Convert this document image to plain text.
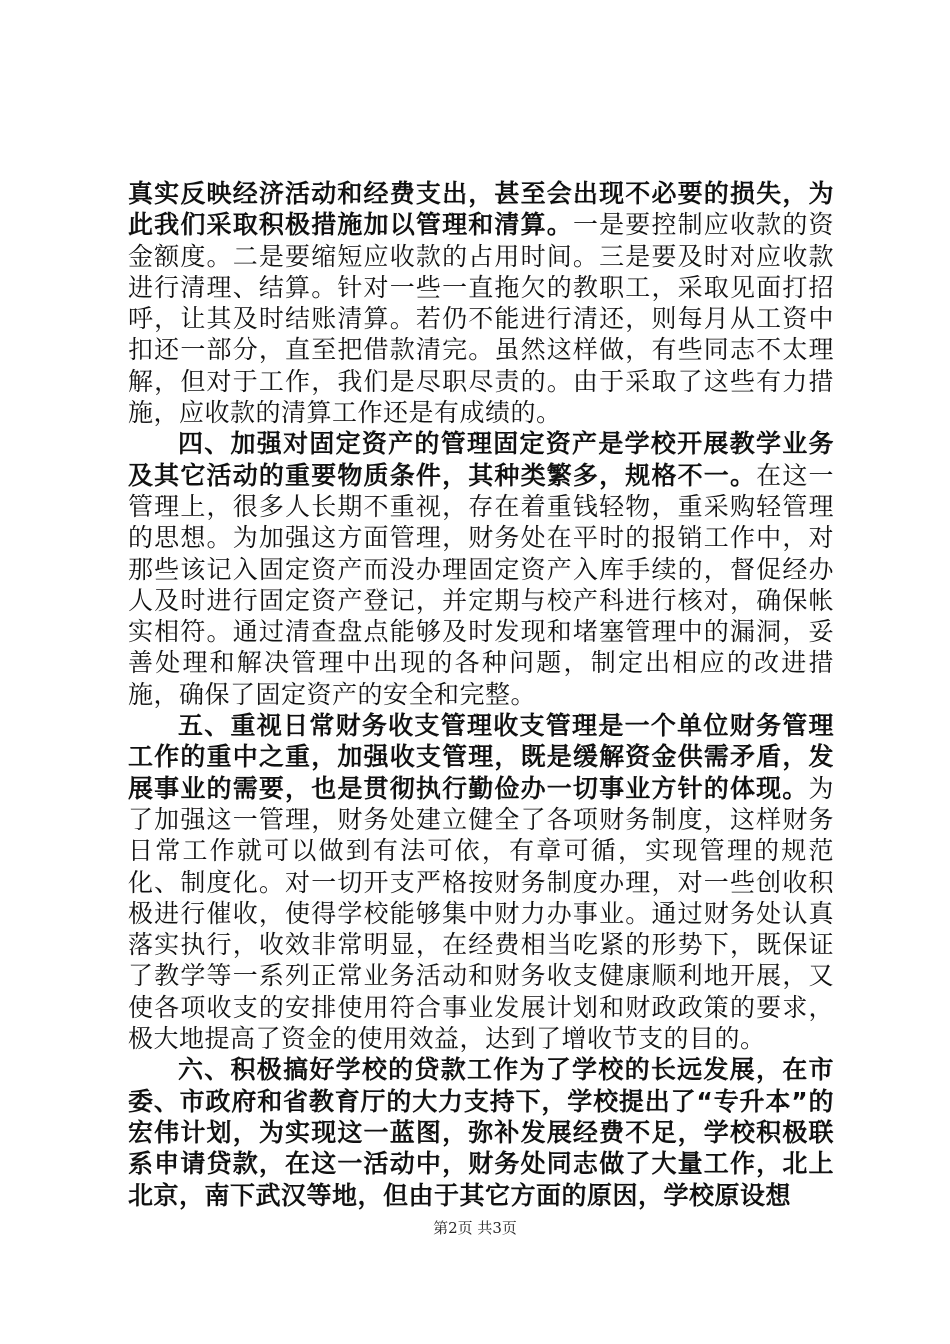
真实反映经济活动和经费支出，甚至会出现不必要的损失，为此我们采取积极措施加以管理和清算。一是要控制应收款的资金额度。二是要缩短应收款的占用时间。三是要及时对应收款进行清理、结算。针对一些一直拖欠的教职工，采取见面打招呼，让其及时结账清算。若仍不能进行清还，则每月从工资中扣还一部分，直至把借款清完。虽然这样做，有些同志不太理解，但对于工作，我们是尽职尽责的。由于采取了这些有力措施，应收款的清算工作还是有成绩的。

四、加强对固定资产的管理固定资产是学校开展教学业务及其它活动的重要物质条件，其种类繁多，规格不一。在这一管理上，很多人长期不重视，存在着重钱轻物，重采购轻管理的思想。为加强这方面管理，财务处在平时的报销工作中，对那些该记入固定资产而没办理固定资产入库手续的，督促经办人及时进行固定资产登记，并定期与校产科进行核对，确保帐实相符。通过清查盘点能够及时发现和堵塞管理中的漏洞，妥善处理和解决管理中出现的各种问题，制定出相应的改进措施，确保了固定资产的安全和完整。

五、重视日常财务收支管理收支管理是一个单位财务管理工作的重中之重，加强收支管理，既是缓解资金供需矛盾，发展事业的需要，也是贯彻执行勤俭办一切事业方针的体现。为了加强这一管理，财务处建立健全了各项财务制度，这样财务日常工作就可以做到有法可依，有章可循，实现管理的规范化、制度化。对一切开支严格按财务制度办理，对一些创收积极进行催收，使得学校能够集中财力办事业。通过财务处认真落实执行，收效非常明显，在经费相当吃紧的形势下，既保证了教学等一系列正常业务活动和财务收支健康顺利地开展，又使各项收支的安排使用符合事业发展计划和财政政策的要求，极大地提高了资金的使用效益，达到了增收节支的目的。

六、积极搞好学校的贷款工作为了学校的长远发展，在市委、市政府和省教育厅的大力支持下，学校提出了“专升本”的宏伟计划，为实现这一蓝图，弥补发展经费不足，学校积极联系申请贷款，在这一活动中，财务处同志做了大量工作，北上北京，南下武汉等地，但由于其它方面的原因，学校原设想

第2页 共3页
